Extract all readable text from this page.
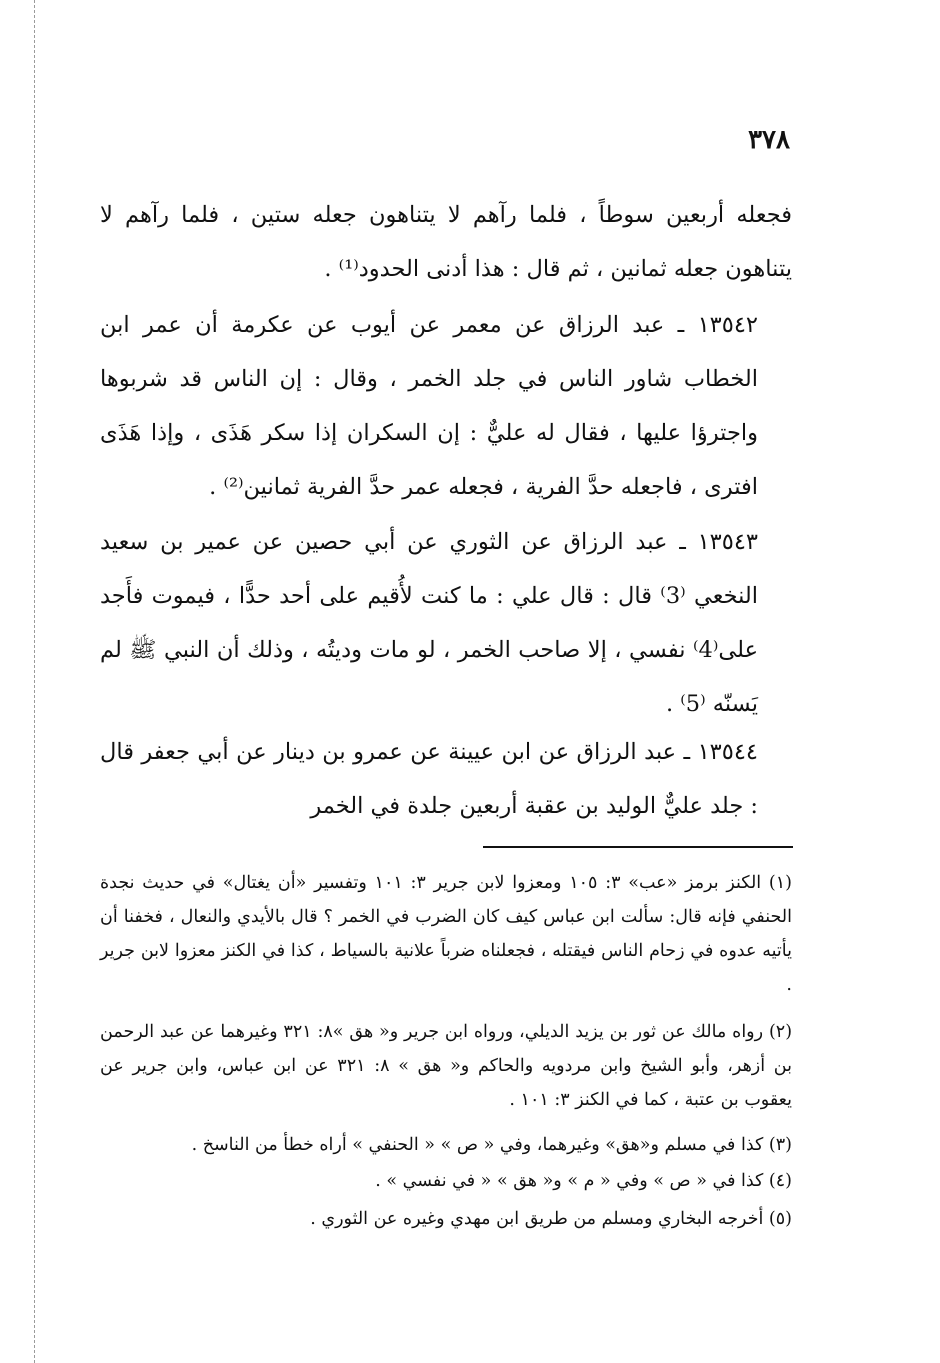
٣٧٨

فجعله أربعين سوطاً ، فلما رآهم لا يتناهون جعله ستين ، فلما رآهم لا يتناهون جعله ثمانين ، ثم قال : هذا أدنى الحدود⁽¹⁾ .

١٣٥٤٢ ـ عبد الرزاق عن معمر عن أيوب عن عكرمة أن عمر ابن الخطاب شاور الناس في جلد الخمر ، وقال : إن الناس قد شربوها واجترؤا عليها ، فقال له عليٌّ : إن السكران إذا سكر هَذَى ، وإذا هَذَى افترى ، فاجعله حدَّ الفرية ، فجعله عمر حدَّ الفرية ثمانين⁽²⁾ .

١٣٥٤٣ ـ عبد الرزاق عن الثوري عن أبي حصين عن عمير بن سعيد النخعي ⁽3⁾ قال : قال علي : ما كنت لأُقيم على أحد حدًّا ، فيموت فأَجد على⁽4⁾ نفسي ، إلا صاحب الخمر ، لو مات وديتُه ، وذلك أن النبي ﷺ لم يَسنّه ⁽5⁾ .

١٣٥٤٤ ـ عبد الرزاق عن ابن عيينة عن عمرو بن دينار عن أبي جعفر قال : جلد عليٌّ الوليد بن عقبة أربعين جلدة في الخمر

(١) الكنز برمز «عب» ٣: ١٠٥ ومعزوا لابن جرير ٣: ١٠١ وتفسير «أن يغتال» في حديث نجدة الحنفي فإنه قال: سألت ابن عباس كيف كان الضرب في الخمر ؟ قال بالأيدي والنعال ، فخفنا أن يأتيه عدوه في زحام الناس فيقتله ، فجعلناه ضرباً علانية بالسياط ، كذا في الكنز معزوا لابن جرير .

(٢) رواه مالك عن ثور بن يزيد الديلي، ورواه ابن جرير و« هق »٨: ٣٢١ وغيرهما عن عبد الرحمن بن أزهر، وأبو الشيخ وابن مردويه والحاكم و« هق » ٨: ٣٢١ عن ابن عباس، وابن جرير عن يعقوب بن عتبة ، كما في الكنز ٣: ١٠١ .

(٣) كذا في مسلم و«هق» وغيرهما، وفي « ص » « الحنفي » أراه خطأ من الناسخ .

(٤) كذا في « ص » وفي « م » و« هق » « في نفسي » .

(٥) أخرجه البخاري ومسلم من طريق ابن مهدي وغيره عن الثوري .
